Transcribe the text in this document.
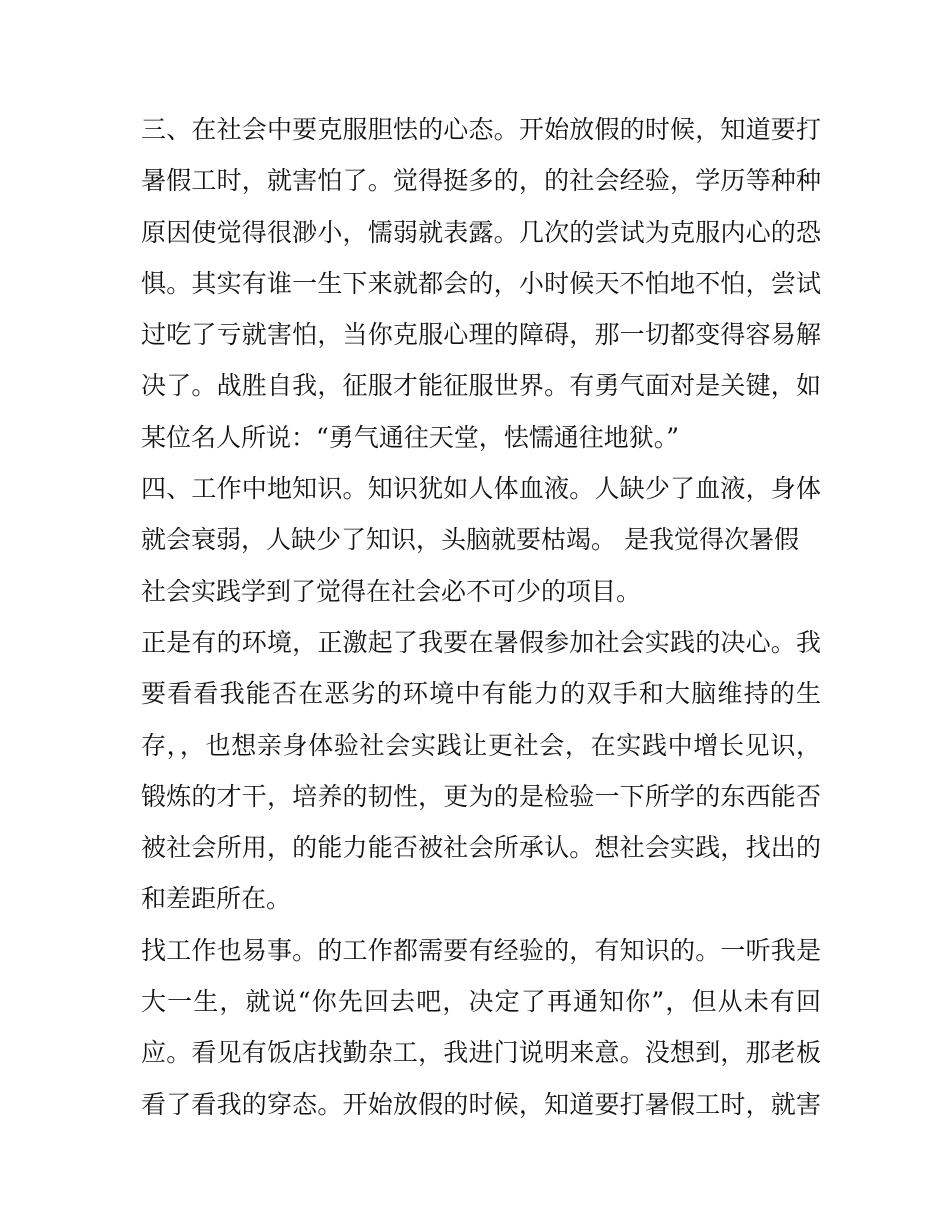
三、在社会中要克服胆怯的心态。开始放假的时候，知道要打
暑假工时，就害怕了。觉得挺多的，的社会经验，学历等种种
原因使觉得很渺小，懦弱就表露。几次的尝试为克服内心的恐
惧。其实有谁一生下来就都会的，小时候天不怕地不怕，尝试
过吃了亏就害怕，当你克服心理的障碍，那一切都变得容易解
决了。战胜自我，征服才能征服世界。有勇气面对是关键，如
某位名人所说：“勇气通往天堂，怯懦通往地狱。”
四、工作中地知识。知识犹如人体血液。人缺少了血液，身体
就会衰弱，人缺少了知识，头脑就要枯竭。 是我觉得次暑假
社会实践学到了觉得在社会必不可少的项目。
正是有的环境，正激起了我要在暑假参加社会实践的决心。我
要看看我能否在恶劣的环境中有能力的双手和大脑维持的生
存，，也想亲身体验社会实践让更社会，在实践中增长见识，
锻炼的才干，培养的韧性，更为的是检验一下所学的东西能否
被社会所用，的能力能否被社会所承认。想社会实践，找出的
和差距所在。
找工作也易事。的工作都需要有经验的，有知识的。一听我是
大一生，就说“你先回去吧，决定了再通知你”，但从未有回
应。看见有饭店找勤杂工，我进门说明来意。没想到，那老板
看了看我的穿态。开始放假的时候，知道要打暑假工时，就害
